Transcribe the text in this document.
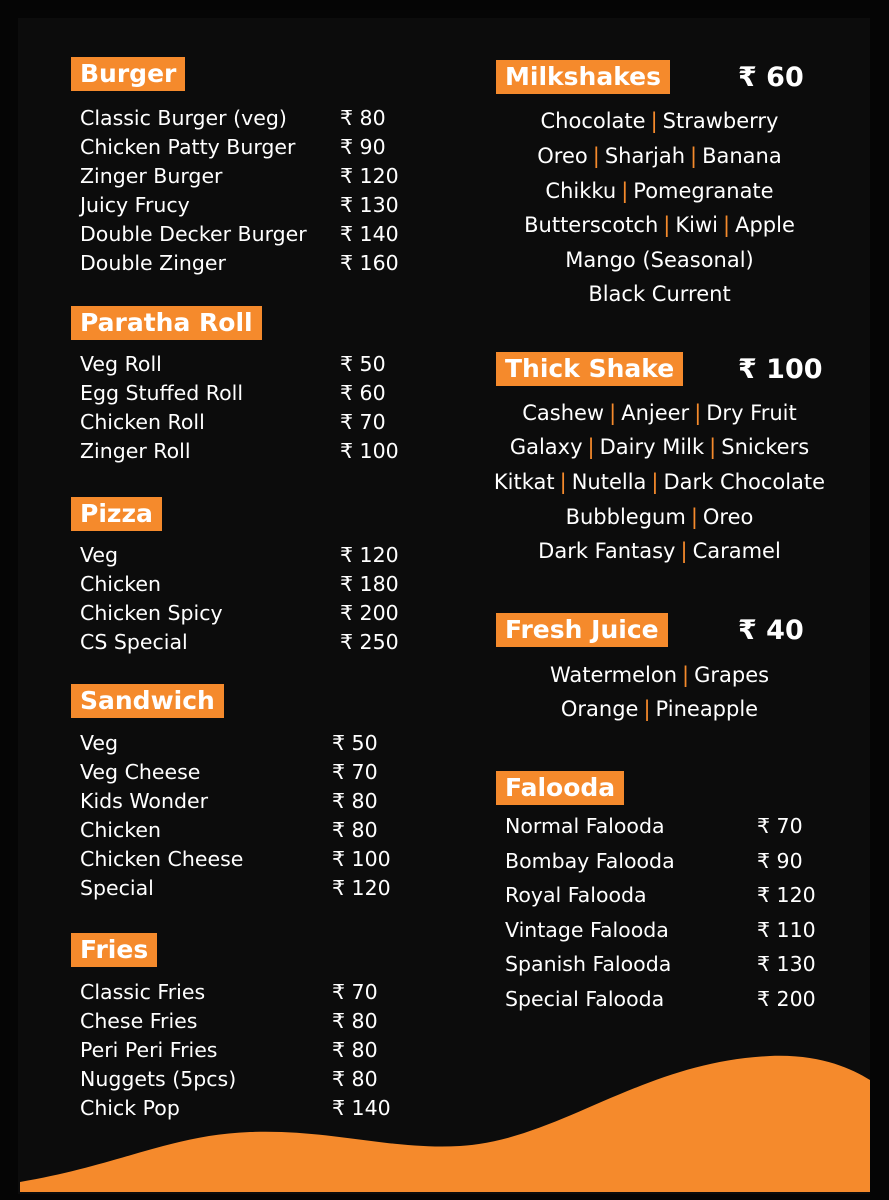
Burger
Classic Burger (veg)	₹ 80
Chicken Patty Burger ₹ 90
Zinger Burger	₹ 120
Juicy Frucy	₹ 130
Double Decker Burger ₹ 140
Double Zinger	₹ 160
Paratha Roll
Veg Roll	₹ 50
Egg Stuffed Roll	₹ 60
Chicken Roll	₹ 70
Zinger Roll	₹ 100
Pizza
Veg	₹ 120
Chicken	₹ 180
Chicken Spicy	₹ 200
CS Special	₹ 250
Sandwich
Veg	₹ 50
Veg Cheese	₹ 70
Kids Wonder	₹ 80
Chicken	₹ 80
Chicken Cheese	₹ 100
Special	₹ 120
Fries
Classic Fries	₹ 70
Chese Fries	₹ 80
Peri Peri Fries	₹ 80
Nuggets (5pcs)	₹ 80
Chick Pop	₹ 140
Milkshakes	₹ 60
Chocolate | Strawberry
Oreo | Sharjah | Banana
Chikku | Pomegranate
Butterscotch | Kiwi | Apple
Mango (Seasonal)
Black Current
Thick Shake	₹ 100
Cashew | Anjeer | Dry Fruit
Galaxy | Dairy Milk | Snickers
Kitkat | Nutella | Dark Chocolate
Bubblegum | Oreo
Dark Fantasy | Caramel
Fresh Juice	₹ 40
Watermelon | Grapes
Orange | Pineapple
Falooda
Normal Falooda	₹ 70
Bombay Falooda	₹ 90
Royal Falooda	₹ 120
Vintage Falooda	₹ 110
Spanish Falooda	₹ 130
Special Falooda	₹ 200
